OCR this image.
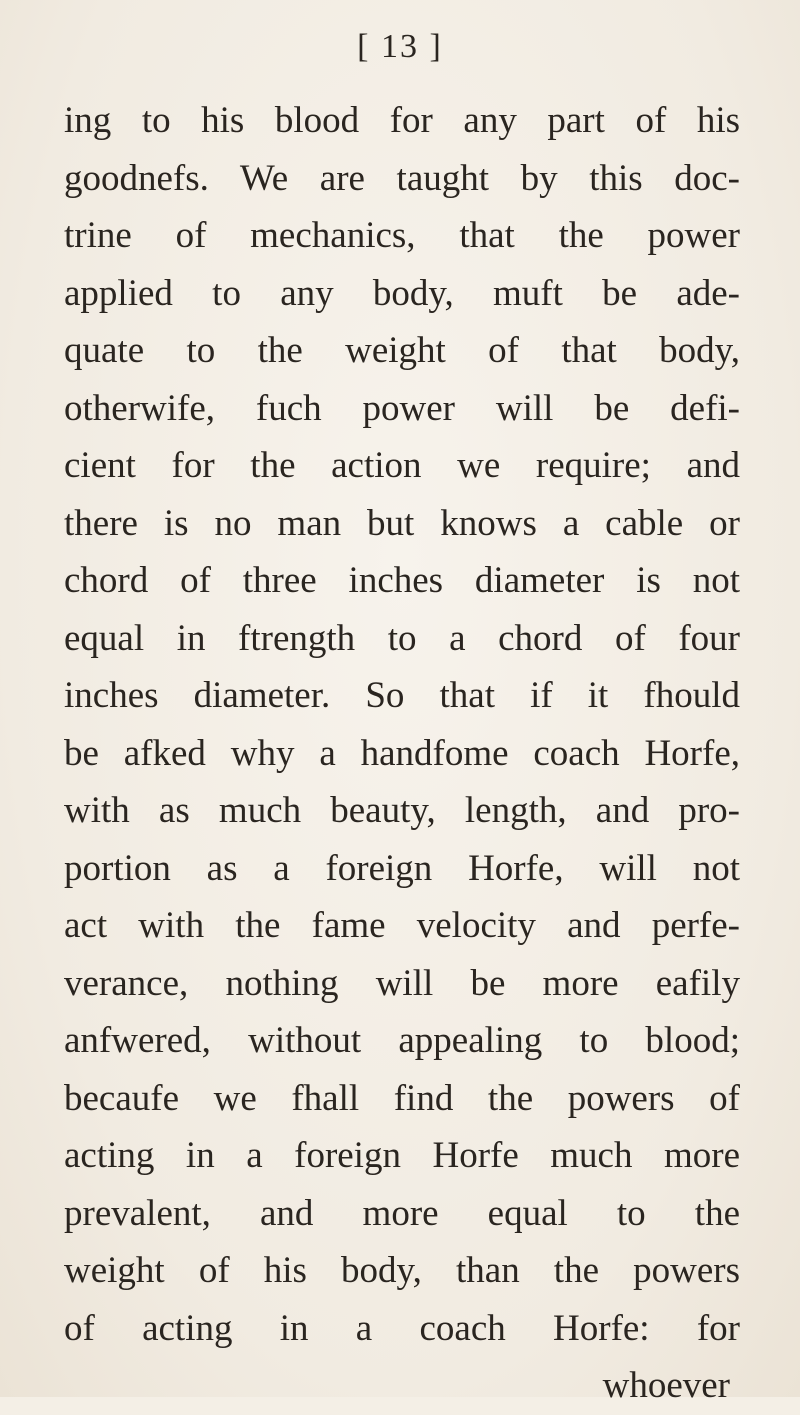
[ 13 ]
ing to his blood for any part of his
goodnefs. We are taught by this doc-
trine of mechanics, that the power
applied to any body, muft be ade-
quate to the weight of that body,
otherwife, fuch power will be defi-
cient for the action we require; and
there is no man but knows a cable or
chord of three inches diameter is not
equal in ftrength to a chord of four
inches diameter. So that if it fhould
be afked why a handfome coach Horfe,
with as much beauty, length, and pro-
portion as a foreign Horfe, will not
act with the fame velocity and perfe-
verance, nothing will be more eafily
anfwered, without appealing to blood;
becaufe we fhall find the powers of
acting in a foreign Horfe much more
prevalent, and more equal to the
weight of his body, than the powers
of acting in a coach Horfe: for
whoever
